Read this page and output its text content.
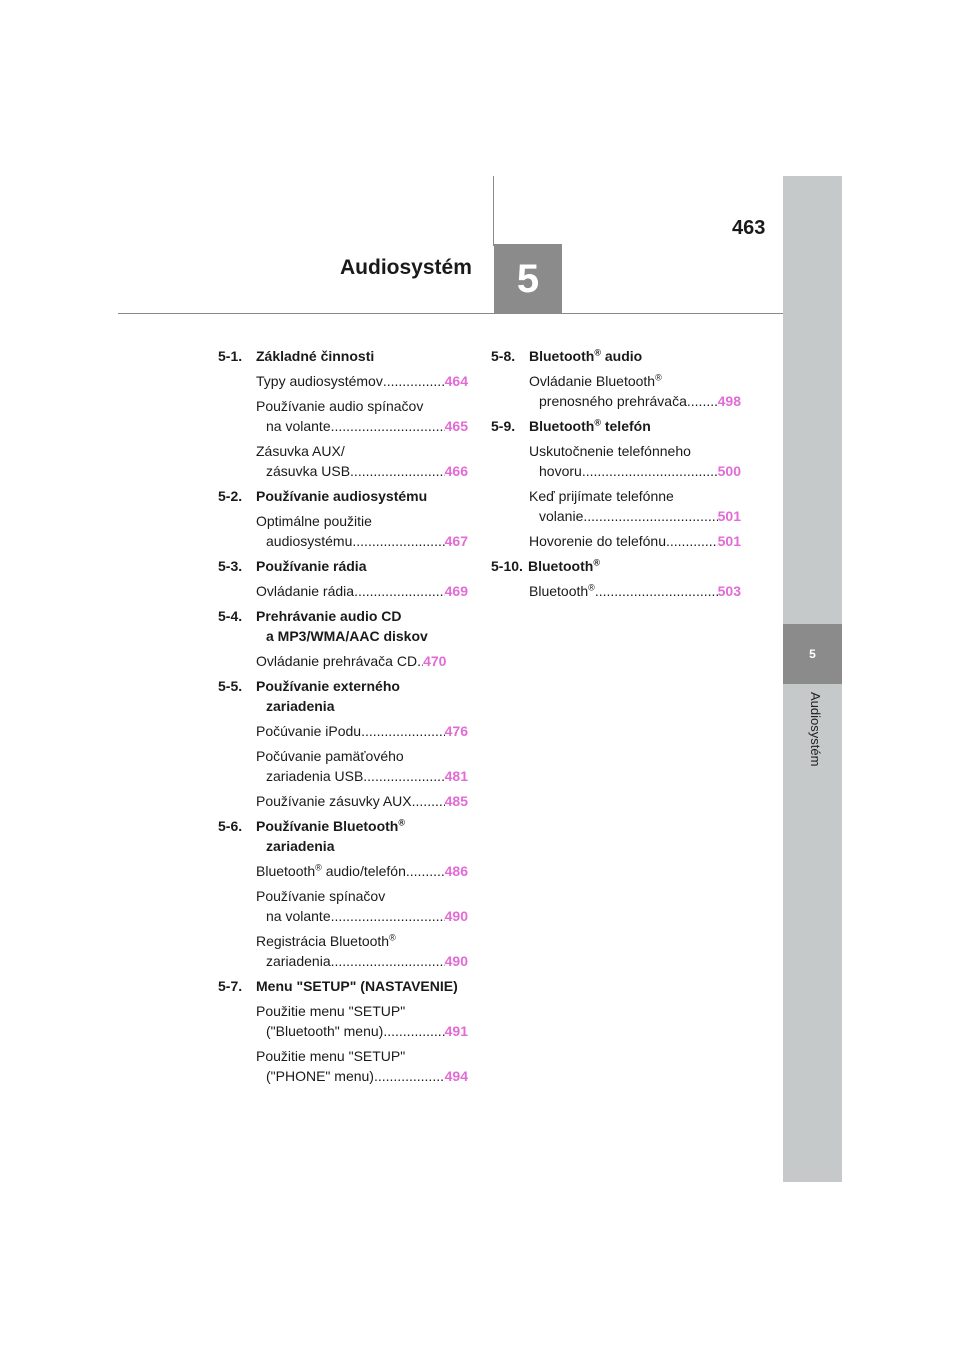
463
Audiosystém 5
5
Audiosystém
5-1. Základné činnosti
Typy audiosystémov .....	464
Používanie audio spínačov
na volante .....	465
Zásuvka AUX/
zásuvka USB .....	466
5-2. Používanie audiosystému
Optimálne použitie
audiosystému .....	467
5-3. Používanie rádia
Ovládanie rádia .....	469
5-4. Prehrávanie audio CD
a MP3/WMA/AAC diskov
Ovládanie prehrávača CD ..... 470
5-5. Používanie externého
zariadenia
Počúvanie iPodu .....	476
Počúvanie pamäťového
zariadenia USB .....	481
Používanie zásuvky AUX ..... 485
5-6. Používanie Bluetooth®
zariadenia
Bluetooth® audio/telefón .....	486
Používanie spínačov
na volante .....	490
Registrácia Bluetooth®
zariadenia .....	490
5-7. Menu "SETUP" (NASTAVENIE)
Použitie menu "SETUP"
("Bluetooth" menu) .....	491
Použitie menu "SETUP"
("PHONE" menu) .....	494
5-8. Bluetooth® audio
Ovládanie Bluetooth®
prenosného prehrávača ..... 498
5-9. Bluetooth® telefón
Uskutočnenie telefónneho
hovoru .....	500
Keď prijímate telefónne
volanie .....	501
Hovorenie do telefónu .....	501
5-10. Bluetooth®
Bluetooth® .....	503
